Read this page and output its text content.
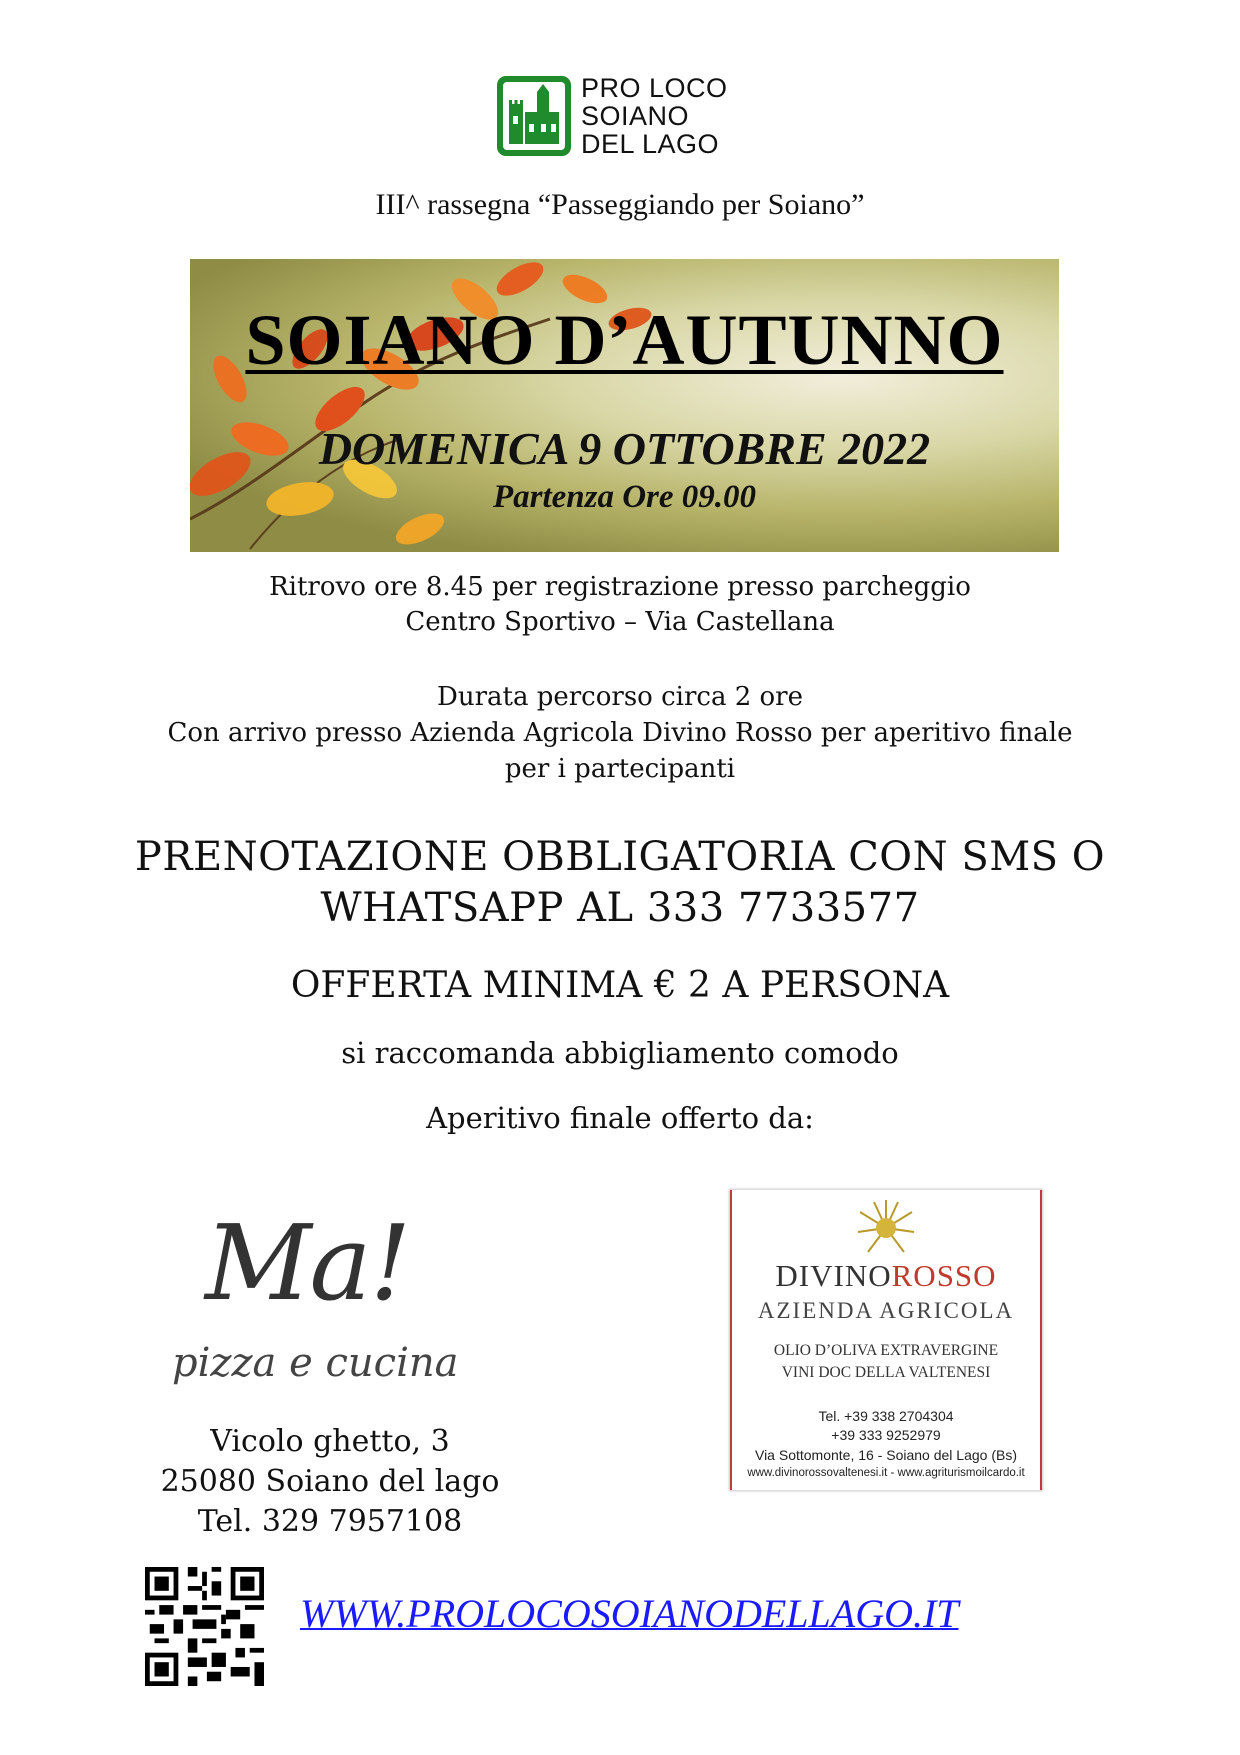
PRO LOCO
SOIANO
DEL LAGO
III^ rassegna “Passeggiando per Soiano”
SOIANO D’AUTUNNO
DOMENICA 9 OTTOBRE 2022
Partenza Ore 09.00
Ritrovo ore 8.45 per registrazione presso parcheggio
Centro Sportivo – Via Castellana
Durata percorso circa 2 ore
Con arrivo presso Azienda Agricola Divino Rosso per aperitivo finale
per i partecipanti
PRENOTAZIONE OBBLIGATORIA CON SMS O
WHATSAPP AL 333 7733577
OFFERTA MINIMA € 2 A PERSONA
si raccomanda abbigliamento comodo
Aperitivo finale offerto da:
Ma!
pizza e cucina
Vicolo ghetto, 3
25080 Soiano del lago
Tel. 329 7957108
DIVINOROSSO
AZIENDA AGRICOLA
OLIO D’OLIVA EXTRAVERGINE
VINI DOC DELLA VALTENESI
Tel. +39 338 2704304
+39 333 9252979
Via Sottomonte, 16 - Soiano del Lago (Bs)
www.divinorossovaltenesi.it - www.agriturismoilcardo.it
WWW.PROLOCOSOIANODELLAGO.IT
